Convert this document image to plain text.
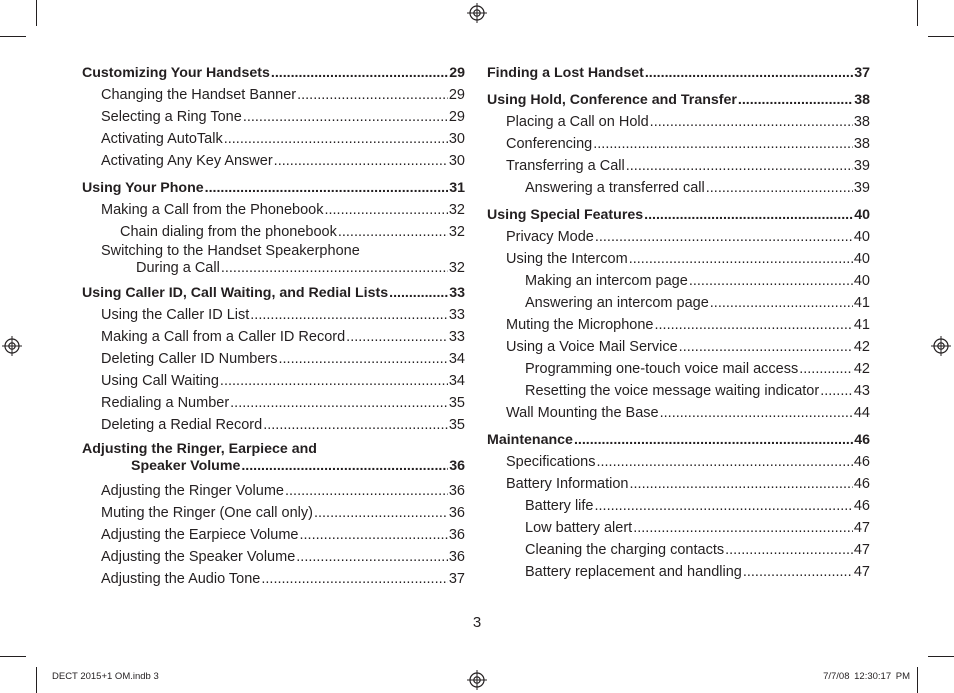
Customizing Your Handsets .....	29
Changing the Handset Banner .....	29
Selecting a Ring Tone .....	29
Activating AutoTalk .....	30
Activating Any Key Answer .....	30
Using Your Phone .....	31
Making a Call from the Phonebook .....	32
Chain dialing from the phonebook .....	32
Switching to the Handset Speakerphone
During a Call .....	32
Using Caller ID, Call Waiting, and Redial Lists .....	33
Using the Caller ID List .....	33
Making a Call from a Caller ID Record .....	33
Deleting Caller ID Numbers .....	34
Using Call Waiting .....	34
Redialing a Number .....	35
Deleting a Redial Record .....	35
Adjusting the Ringer, Earpiece and
Speaker Volume .....	36
Adjusting the Ringer Volume .....	36
Muting the Ringer (One call only) .....	36
Adjusting the Earpiece Volume .....	36
Adjusting the Speaker Volume .....	36
Adjusting the Audio Tone .....	37
Finding a Lost Handset .....	37
Using Hold, Conference and Transfer .....	38
Placing a Call on Hold .....	38
Conferencing .....	38
Transferring a Call .....	39
Answering a transferred call .....	39
Using Special Features .....	40
Privacy Mode .....	40
Using the Intercom .....	40
Making an intercom page .....	40
Answering an intercom page .....	41
Muting the Microphone .....	41
Using a Voice Mail Service .....	42
Programming one-touch voice mail access .....	42
Resetting the voice message waiting indicator ..... 43
Wall Mounting the Base .....	44
Maintenance .....	46
Specifications .....	46
Battery Information .....	46
Battery life .....	46
Low battery alert .....	47
Cleaning the charging contacts .....	47
Battery replacement and handling .....	47
3
DECT 2015+1 OM.indb 3	7/7/08 12:30:17 PM
